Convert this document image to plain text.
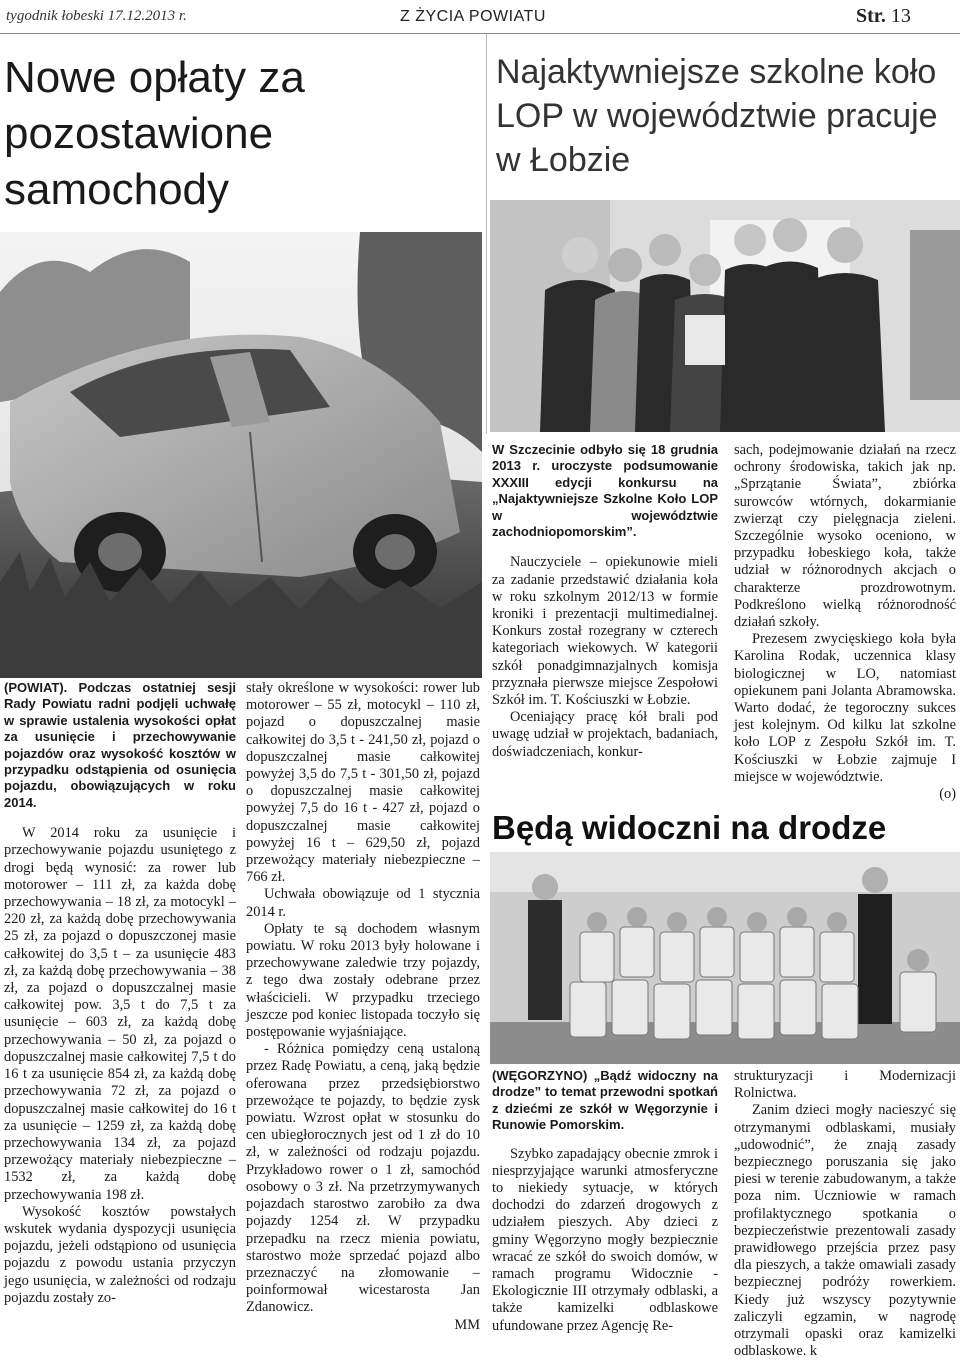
tygodnik łobeski 17.12.2013 r.	Z ŻYCIA POWIATU	Str. 13
Nowe opłaty za pozostawione samochody
Najaktywniejsze szkolne koło LOP w województwie pracuje w Łobzie
Będą widoczni na drodze

(POWIAT). Podczas ostatniej sesji Rady Powiatu radni podjęli uchwałę w sprawie ustalenia wysokości opłat za usunięcie i przechowywanie pojazdów oraz wysokość kosztów w przypadku odstąpienia od osunięcia pojazdu, obowiązujących w roku 2014.

W 2014 roku za usunięcie i przechowywanie pojazdu usuniętego z drogi będą wynosić: za rower lub motorower – 111 zł, za każda dobę przechowywania – 18 zł, za motocykl – 220 zł, za każdą dobę przechowywania 25 zł, za pojazd o dopuszczonej masie całkowitej do 3,5 t – za usunięcie 483 zł, za każdą dobę przechowywania – 38 zł, za pojazd o dopuszczalnej masie całkowitej pow. 3,5 t do 7,5 t za usunięcie – 603 zł, za każdą dobę przechowywania – 50 zł, za pojazd o dopuszczalnej masie całkowitej 7,5 t do 16 t za usunięcie 854 zł, za każdą dobę przechowywania 72 zł, za pojazd o dopuszczalnej masie całkowitej do 16 t za usunięcie – 1259 zł, za każdą dobę przechowywania 134 zł, za pojazd przewożący materiały niebezpieczne – 1532 zł, za każdą dobę przechowywania 198 zł.

Wysokość kosztów powstałych wskutek wydania dyspozycji usunięcia pojazdu, jeżeli odstąpiono od usunięcia pojazdu z powodu ustania przyczyn jego usunięcia, w zależności od rodzaju pojazdu zostały zo-

stały określone w wysokości: rower lub motorower – 55 zł, motocykl – 110 zł, pojazd o dopuszczalnej masie całkowitej do 3,5 t - 241,50 zł, pojazd o dopuszczalnej masie całkowitej powyżej 3,5 do 7,5 t - 301,50 zł, pojazd o dopuszczalnej masie całkowitej powyżej 7,5 do 16 t - 427 zł, pojazd o dopuszczalnej masie całkowitej powyżej 16 t – 629,50 zł, pojazd przewożący materiały niebezpieczne – 766 zł.

Uchwała obowiązuje od 1 stycznia 2014 r.

Opłaty te są dochodem własnym powiatu. W roku 2013 były holowane i przechowywane zaledwie trzy pojazdy, z tego dwa zostały odebrane przez właścicieli. W przypadku trzeciego jeszcze pod koniec listopada toczyło się postępowanie wyjaśniające.

- Różnica pomiędzy ceną ustaloną przez Radę Powiatu, a ceną, jaką będzie oferowana przez przedsiębiorstwo przewożące te pojazdy, to będzie zysk powiatu. Wzrost opłat w stosunku do cen ubiegłorocznych jest od 1 zł do 10 zł, w zależności od rodzaju pojazdu. Przykładowo rower o 1 zł, samochód osobowy o 3 zł. Na przetrzymywanych pojazdach starostwo zarobiło za dwa pojazdy 1254 zł. W przypadku przepadku na rzecz mienia powiatu, starostwo może sprzedać pojazd albo przeznaczyć na złomowanie – poinformował wicestarosta Jan Zdanowicz.

MM

W Szczecinie odbyło się 18 grudnia 2013 r. uroczyste podsumowanie XXXIII edycji konkursu na „Najaktywniejsze Szkolne Koło LOP w województwie zachodniopomorskim”.

Nauczyciele – opiekunowie mieli za zadanie przedstawić działania koła w roku szkolnym 2012/13 w formie kroniki i prezentacji multimedialnej. Konkurs został rozegrany w czterech kategoriach wiekowych. W kategorii szkół ponadgimnazjalnych komisja przyznała pierwsze miejsce Zespołowi Szkół im. T. Kościuszki w Łobzie.

Oceniający pracę kół brali pod uwagę udział w projektach, badaniach, doświadczeniach, konkur-

sach, podejmowanie działań na rzecz ochrony środowiska, takich jak np. „Sprzątanie Świata”, zbiórka surowców wtórnych, dokarmianie zwierząt czy pielęgnacja zieleni. Szczególnie wysoko oceniono, w przypadku łobeskiego koła, także udział w różnorodnych akcjach o charakterze prozdrowotnym. Podkreślono wielką różnorodność działań szkoły.

Prezesem zwycięskiego koła była Karolina Rodak, uczennica klasy biologicznej w LO, natomiast opiekunem pani Jolanta Abramowska. Warto dodać, że tegoroczny sukces jest kolejnym. Od kilku lat szkolne koło LOP z Zespołu Szkół im. T. Kościuszki w Łobzie zajmuje I miejsce w województwie.

(o)

(WĘGORZYNO) „Bądź widoczny na drodze” to temat przewodni spotkań z dziećmi ze szkół w Węgorzynie i Runowie Pomorskim.

Szybko zapadający obecnie zmrok i niesprzyjające warunki atmosferyczne to niekiedy sytuacje, w których dochodzi do zdarzeń drogowych z udziałem pieszych. Aby dzieci z gminy Węgorzyno mogły bezpiecznie wracać ze szkół do swoich domów, w ramach programu Widocznie - Ekologicznie III otrzymały odblaski, a także kamizelki odblaskowe ufundowane przez Agencję Re-

strukturyzacji i Modernizacji Rolnictwa.

Zanim dzieci mogły nacieszyć się otrzymanymi odblaskami, musiały „udowodnić”, że znają zasady bezpiecznego poruszania się jako piesi w terenie zabudowanym, a także poza nim. Uczniowie w ramach profilaktycznego spotkania o bezpieczeństwie prezentowali zasady prawidłowego przejścia przez pasy dla pieszych, a także omawiali zasady bezpiecznej podróży rowerkiem. Kiedy już wszyscy pozytywnie zaliczyli egzamin, w nagrodę otrzymali opaski oraz kamizelki odblaskowe. k
